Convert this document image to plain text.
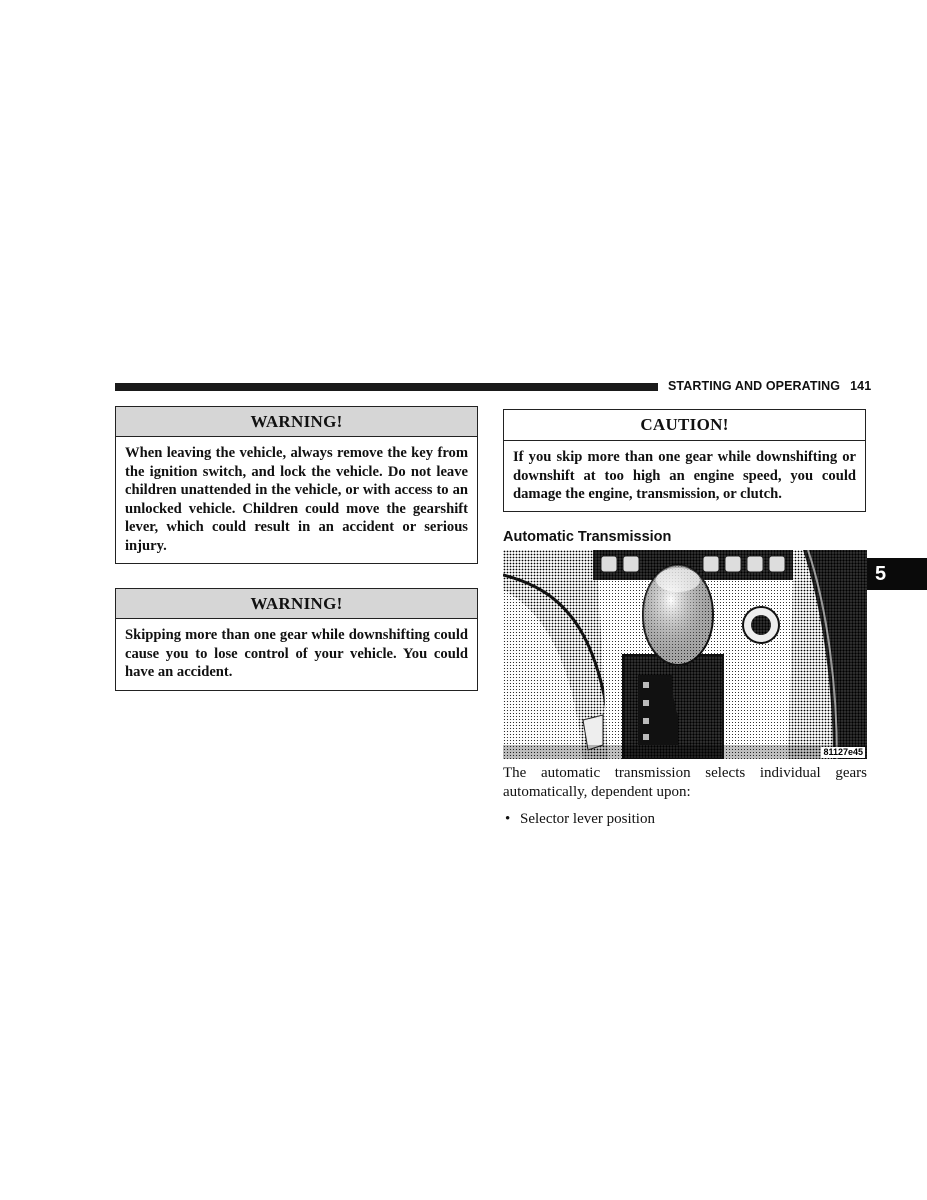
STARTING AND OPERATING 141
WARNING!
When leaving the vehicle, always remove the key from the ignition switch, and lock the vehicle. Do not leave children unattended in the vehicle, or with access to an unlocked vehicle. Children could move the gearshift lever, which could result in an accident or serious injury.
WARNING!
Skipping more than one gear while downshifting could cause you to lose control of your vehicle. You could have an accident.
CAUTION!
If you skip more than one gear while downshifting or downshift at too high an engine speed, you could damage the engine, transmission, or clutch.
Automatic Transmission
81127e45
The automatic transmission selects individual gears automatically, dependent upon:
• Selector lever position
5
